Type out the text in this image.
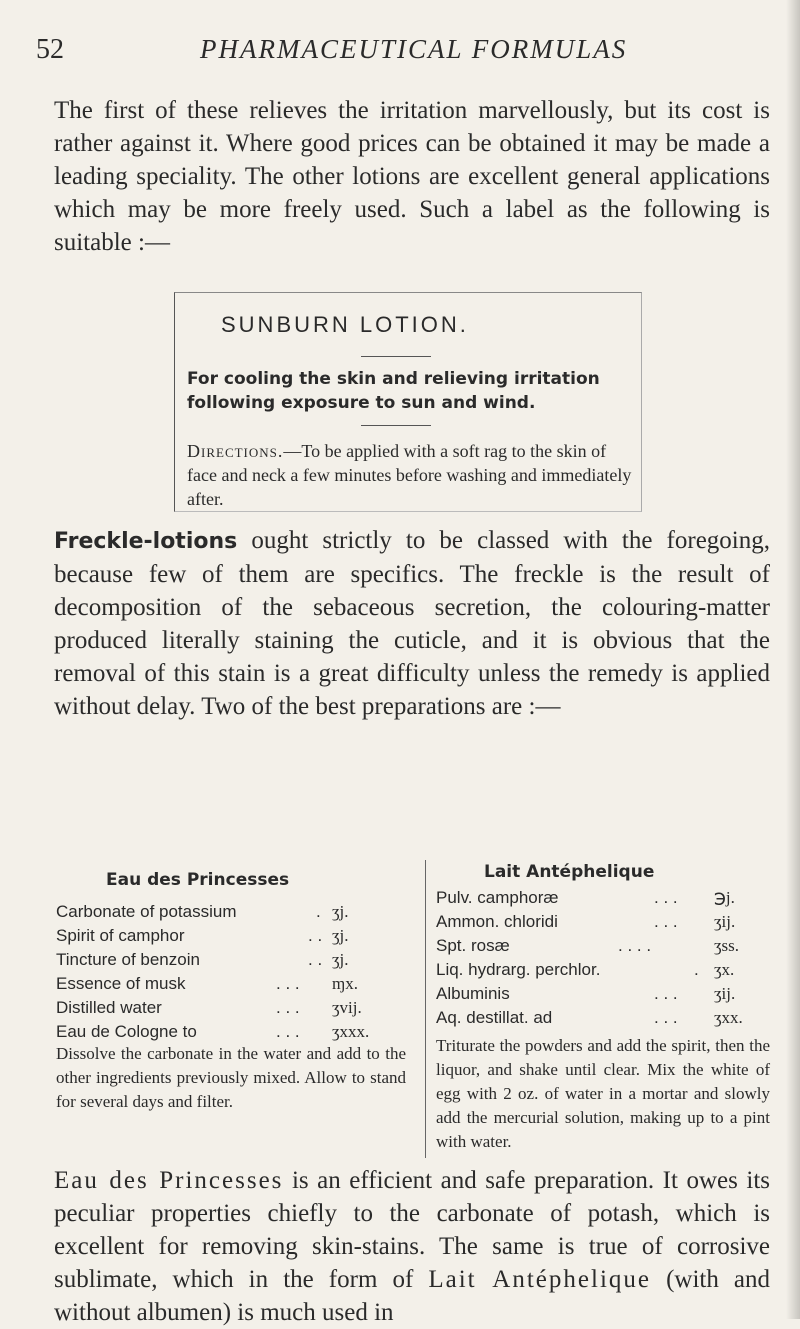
52	PHARMACEUTICAL FORMULAS
The first of these relieves the irritation marvellously, but its cost is rather against it. Where good prices can be obtained it may be made a leading speciality. The other lotions are excellent general applications which may be more freely used. Such a label as the following is suitable :—
SUNBURN LOTION.
For cooling the skin and relieving irritation following exposure to sun and wind.
Directions.—To be applied with a soft rag to the skin of face and neck a few minutes before washing and immediately after.
Freckle-lotions ought strictly to be classed with the foregoing, because few of them are specifics. The freckle is the result of decomposition of the sebaceous secretion, the colouring-matter produced literally staining the cuticle, and it is obvious that the removal of this stain is a great difficulty unless the remedy is applied without delay. Two of the best preparations are :—
Eau des Princesses
Carbonate of potassium	. ʒj.
Spirit of camphor	. . ʒj.
Tincture of benzoin	. . ʒj.
Essence of musk	. . . ɱx.
Distilled water	. . . ʒvij.
Eau de Cologne to	. . . ʒxxx.
Dissolve the carbonate in the water and add to the other ingredients previously mixed. Allow to stand for several days and filter.
Lait Antéphelique
Pulv. camphoræ	. . . ℈j.
Ammon. chloridi	. . . ʒij.
Spt. rosæ	. . . .	ʒss.
Liq. hydrarg. perchlor.	. ʒx.
Albuminis	. . . ʒij.
Aq. destillat. ad	. . . ʒxx.
Triturate the powders and add the spirit, then the liquor, and shake until clear. Mix the white of egg with 2 oz. of water in a mortar and slowly add the mercurial solution, making up to a pint with water.
Eau des Princesses is an efficient and safe preparation. It owes its peculiar properties chiefly to the carbonate of potash, which is excellent for removing skin-stains. The same is true of corrosive sublimate, which in the form of Lait Antéphelique (with and without albumen) is much used in
